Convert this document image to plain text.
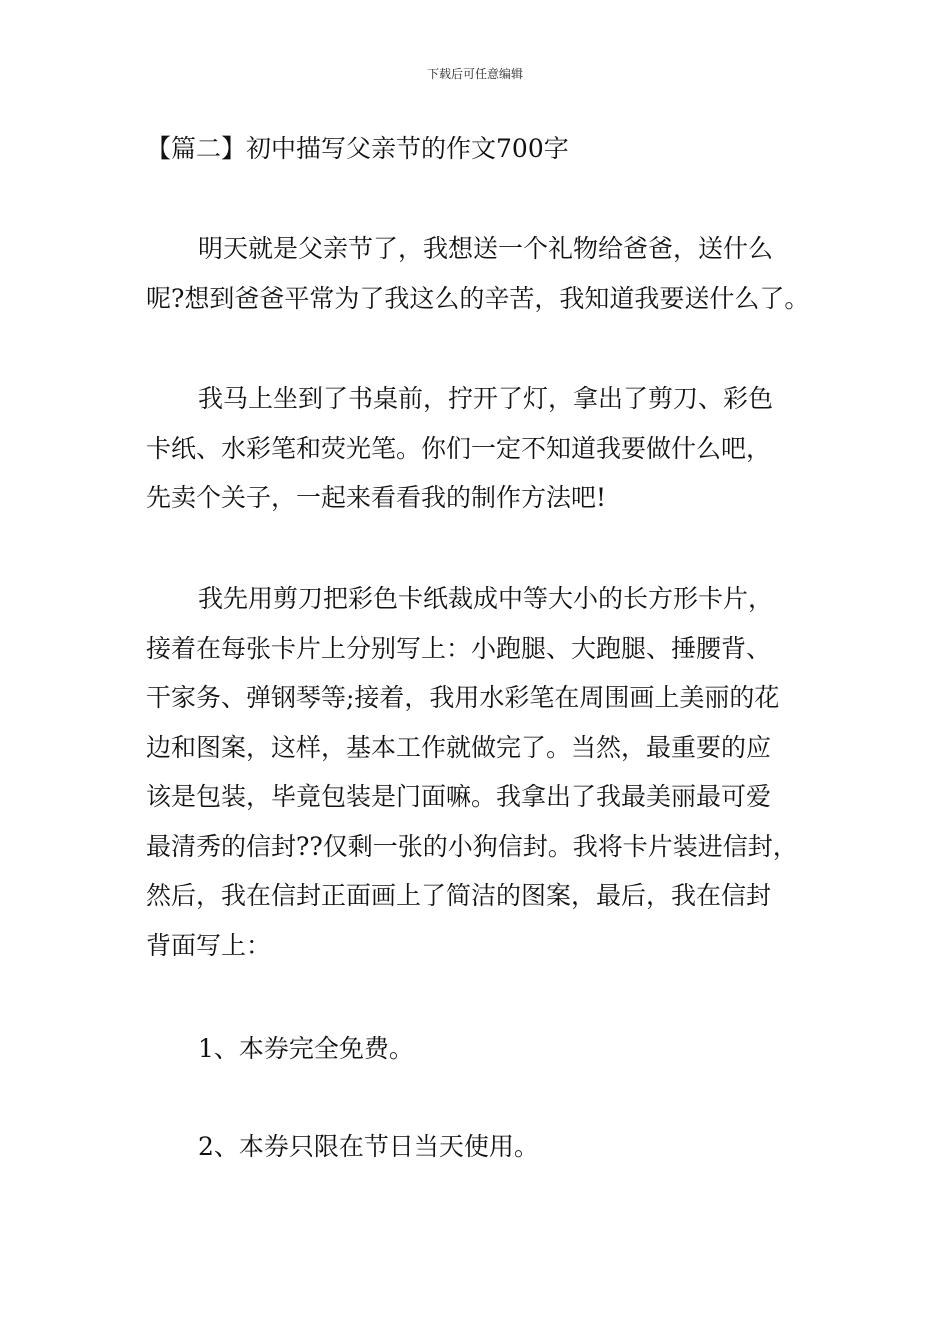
下载后可任意编辑
【篇二】初中描写父亲节的作文700字

明天就是父亲节了，我想送一个礼物给爸爸，送什么
呢?想到爸爸平常为了我这么的辛苦，我知道我要送什么了。

我马上坐到了书桌前，拧开了灯，拿出了剪刀、彩色
卡纸、水彩笔和荧光笔。你们一定不知道我要做什么吧，
先卖个关子，一起来看看我的制作方法吧!

我先用剪刀把彩色卡纸裁成中等大小的长方形卡片，
接着在每张卡片上分别写上：小跑腿、大跑腿、捶腰背、
干家务、弹钢琴等;接着，我用水彩笔在周围画上美丽的花
边和图案，这样，基本工作就做完了。当然，最重要的应
该是包装，毕竟包装是门面嘛。我拿出了我最美丽最可爱
最清秀的信封??仅剩一张的小狗信封。我将卡片装进信封，
然后，我在信封正面画上了简洁的图案，最后，我在信封
背面写上：

1、本券完全免费。

2、本券只限在节日当天使用。
